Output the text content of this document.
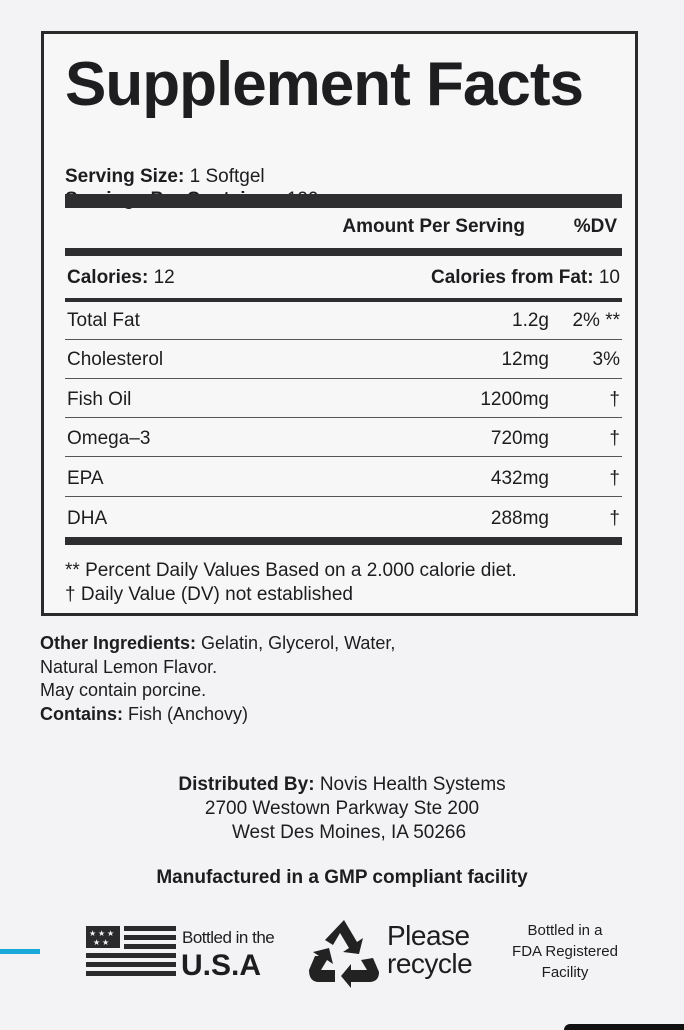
Supplement Facts
Serving Size: 1 Softgel
Amount Per Serving	%DV
Calories: 12	Calories from Fat: 10
Total Fat	1.2g 2% **
Cholesterol	12mg 3%
Fish Oil	1200mg	†
Omega–3	720mg	†
EPA	432mg	†
DHA	288mg	†
** Percent Daily Values Based on a 2.000 calorie diet.
† Daily Value (DV) not established
Other Ingredients: Gelatin, Glycerol, Water,
Natural Lemon Flavor.
May contain porcine.
Contains: Fish (Anchovy)
Distributed By: Novis Health Systems
2700 Westown Parkway Ste 200
West Des Moines, IA 50266
Manufactured in a GMP compliant facility
★ ★ ★
★ ★	Bottled in the
U.S.A
Please
recycle
Bottled in a
FDA Registered
Facility
